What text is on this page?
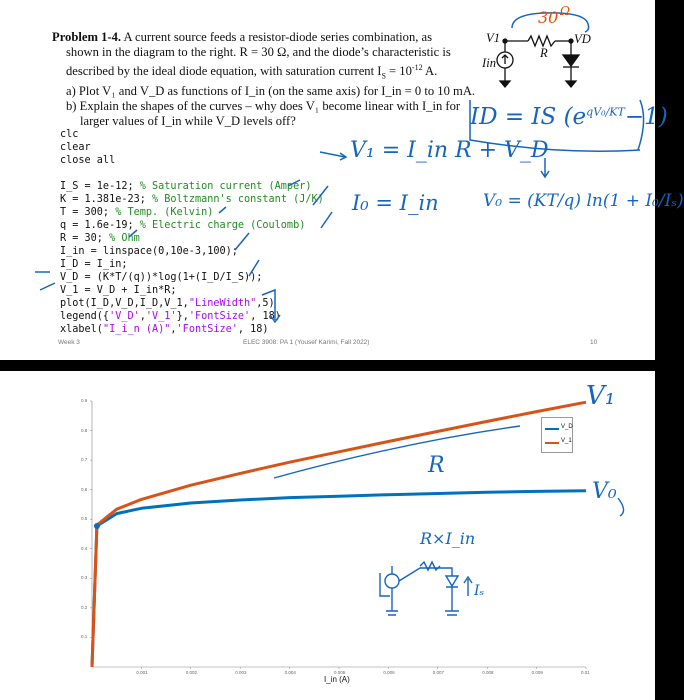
Problem 1-4. A current source feeds a resistor-diode series combination, as
shown in the diagram to the right. R = 30 Ω, and the diode’s characteristic is
described by the ideal diode equation, with saturation current $I_S = 10^{-12}$ A.
a) Plot V₁ and V_D as functions of I_in (on the same axis) for I_in = 0 to 10 mA.
b) Explain the shapes of the curves – why does V₁ become linear with I_in for
larger values of I_in while V_D levels off?
clc
clear
close all
I_S = 1e-12; % Saturation current (Amper)
K = 1.381e-23; % Boltzmann's constant (J/K)
T = 300; % Temp. (Kelvin)
q = 1.6e-19; % Electric charge (Coulomb)
R = 30; % Ohm
I_in = linspace(0,10e-3,100);
I_D = I_in;
V_D = (K*T/(q))*log(1+(I_D/I_S));
V_1 = V_D + I_in*R;
plot(I_D,V_D,I_D,V_1,"LineWidth",5)
legend({'V_D','V_1'},'FontSize', 18)
xlabel("I_i_n (A)",'FontSize', 18)
Week 3	ELEC 3908: PA 1 (Yousef Karimi, Fall 2022)	10
V1	VD
R
Iin
30 Ω
ID = IS $(e^{qV_0/KT}-1)$
V₁ = I_in R + V_D
I₀ = I_in	V₀ = (KT/q) ln(1 + I₀/Iₛ)
V_D
V_1
I_in (A)
V₁
V₀
R
R×I_in
Iₛ
0.1
0.2
0.3
0.4
0.5
0.6
0.7
0.8
0.9
0.001	0.002	0.003	0.004	0.005	0.006	0.007	0.008	0.009	0.01
